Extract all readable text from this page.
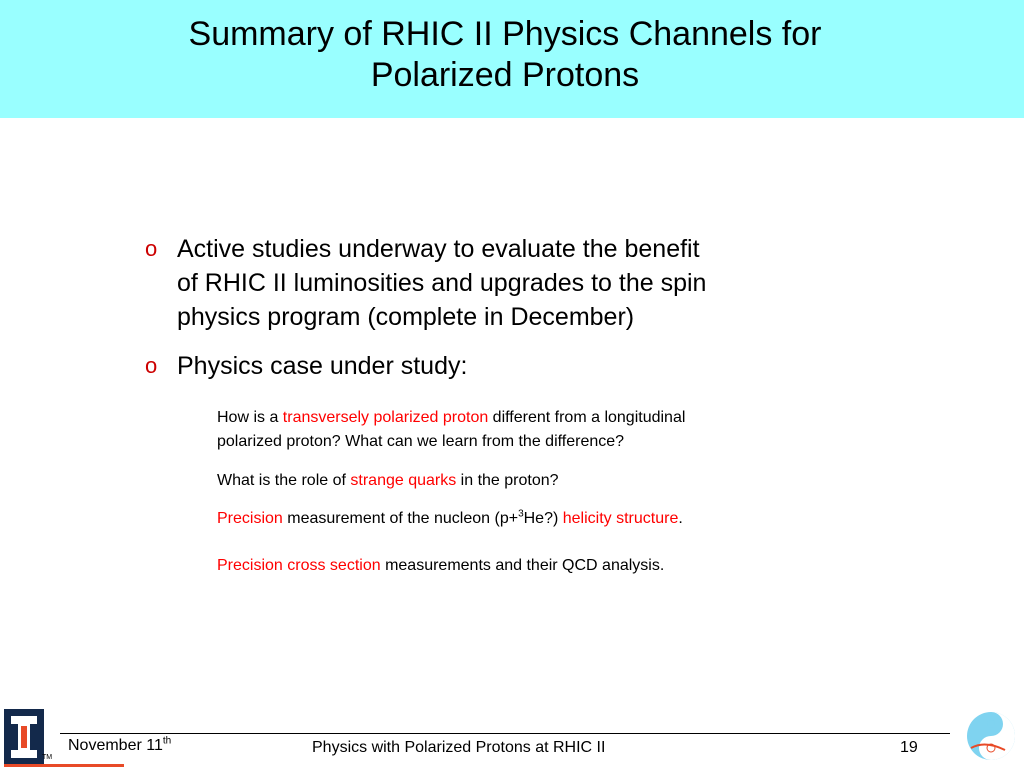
Summary of RHIC II Physics Channels for
Polarized Protons
o Active studies underway to evaluate the benefit
of RHIC II luminosities and upgrades to the spin
physics program (complete in December)
o Physics case under study:
How is a transversely polarized proton different from a longitudinal
polarized proton? What can we learn from the difference?
What is the role of strange quarks in the proton?
Precision measurement of the nucleon (p+$^3$He?) helicity structure.
Precision cross section measurements and their QCD analysis.
TM
November 11th	Physics with Polarized Protons at RHIC II	19
